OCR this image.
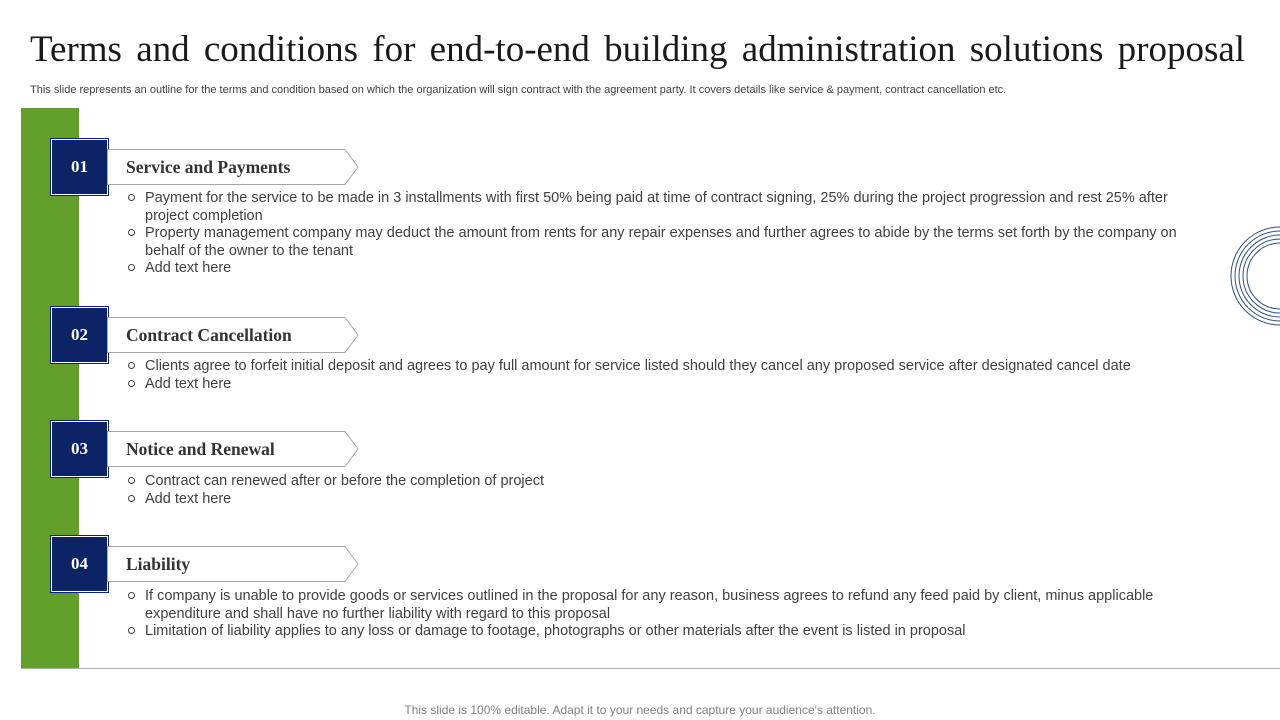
Terms and conditions for end-to-end building administration solutions proposal
This slide represents an outline for the terms and condition based on which the organization will sign contract with the agreement party. It covers details like service & payment, contract cancellation etc.
01	Service and Payments
Payment for the service to be made in 3 installments with first 50% being paid at time of contract signing, 25% during the project progression and rest 25% after project completion
Property management company may deduct the amount from rents for any repair expenses and further agrees to abide by the terms set forth by the company on behalf of the owner to the tenant
Add text here
02	Contract Cancellation
Clients agree to forfeit initial deposit and agrees to pay full amount for service listed should they cancel any proposed service after designated cancel date
Add text here
03	Notice and Renewal
Contract can renewed after or before the completion of project
Add text here
04	Liability
If company is unable to provide goods or services outlined in the proposal for any reason, business agrees to refund any feed paid by client, minus applicable expenditure and shall have no further liability with regard to this proposal
Limitation of liability applies to any loss or damage to footage, photographs or other materials after the event is listed in proposal
This slide is 100% editable. Adapt it to your needs and capture your audience's attention.
